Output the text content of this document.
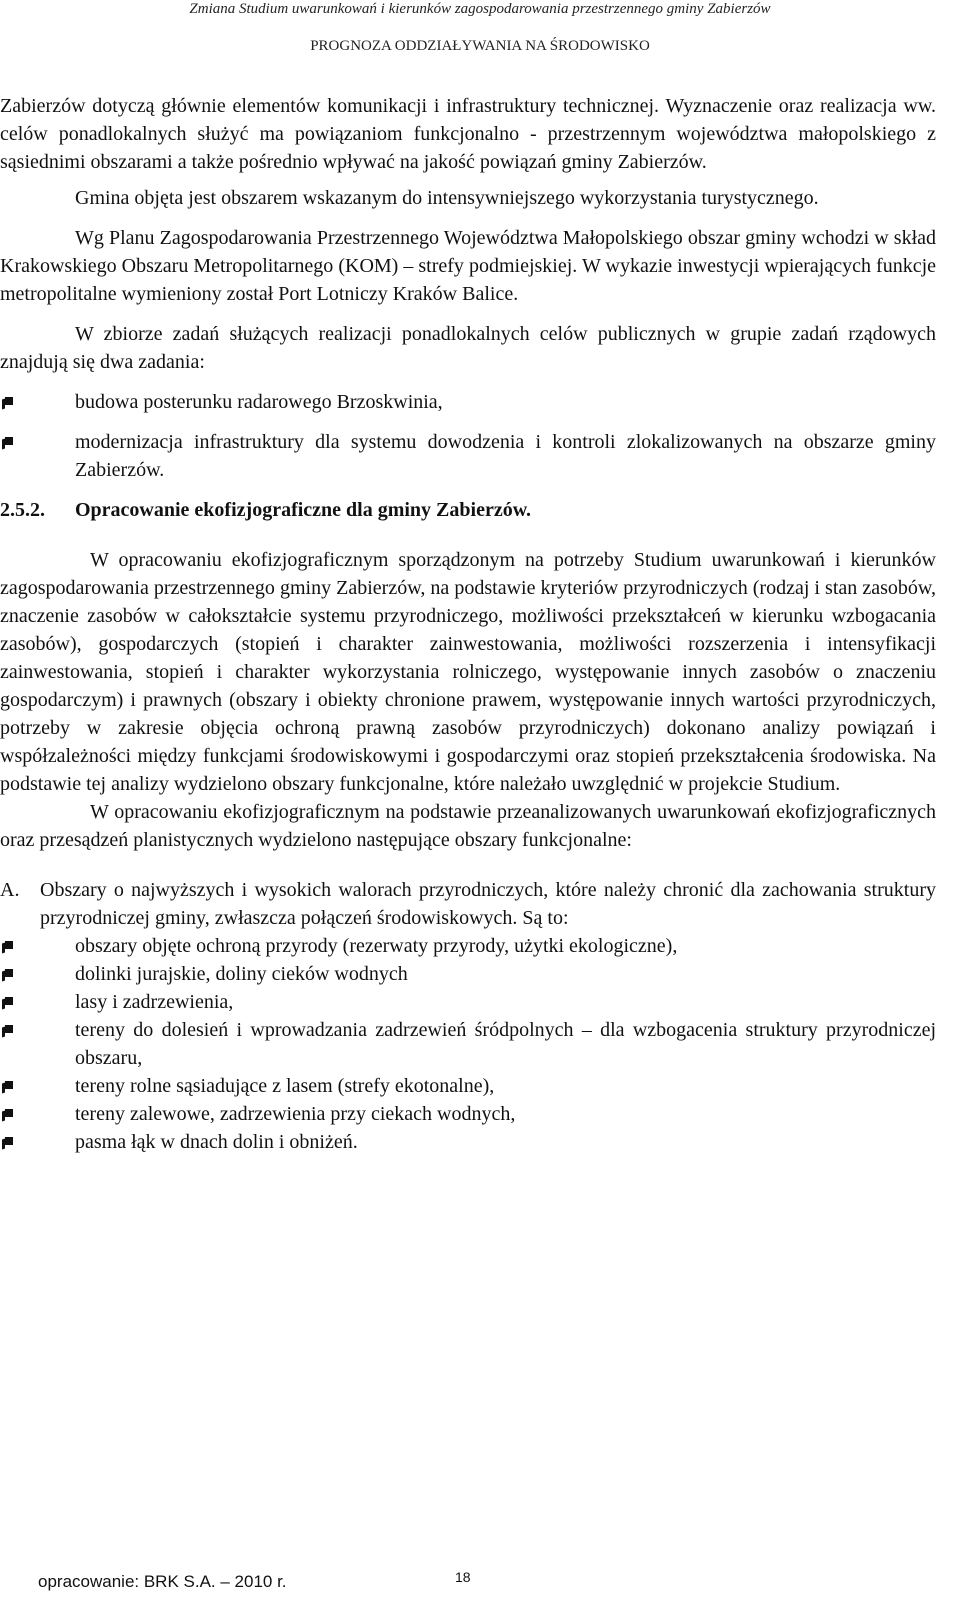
Zmiana Studium uwarunkowań i kierunków zagospodarowania przestrzennego gminy Zabierzów
PROGNOZA ODDZIAŁYWANIA NA ŚRODOWISKO

Zabierzów dotyczą głównie elementów komunikacji i infrastruktury technicznej. Wyznaczenie oraz realizacja ww. celów ponadlokalnych służyć ma powiązaniom funkcjonalno - przestrzennym województwa małopolskiego z sąsiednimi obszarami a także pośrednio wpływać na jakość powiązań gminy Zabierzów.

Gmina objęta jest obszarem wskazanym do intensywniejszego wykorzystania turystycznego.

Wg Planu Zagospodarowania Przestrzennego Województwa Małopolskiego obszar gminy wchodzi w skład Krakowskiego Obszaru Metropolitarnego (KOM) – strefy podmiejskiej. W wykazie inwestycji wpierających funkcje metropolitalne wymieniony został Port Lotniczy Kraków Balice.

W zbiorze zadań służących realizacji ponadlokalnych celów publicznych w grupie zadań rządowych znajdują się dwa zadania:

budowa posterunku radarowego Brzoskwinia,
modernizacja infrastruktury dla systemu dowodzenia i kontroli zlokalizowanych na obszarze gminy Zabierzów.

2.5.2. Opracowanie ekofizjograficzne dla gminy Zabierzów.

W opracowaniu ekofizjograficznym sporządzonym na potrzeby Studium uwarunkowań i kierunków zagospodarowania przestrzennego gminy Zabierzów, na podstawie kryteriów przyrodniczych (rodzaj i stan zasobów, znaczenie zasobów w całokształcie systemu przyrodniczego, możliwości przekształceń w kierunku wzbogacania zasobów), gospodarczych (stopień i charakter zainwestowania, możliwości rozszerzenia i intensyfikacji zainwestowania, stopień i charakter wykorzystania rolniczego, występowanie innych zasobów o znaczeniu gospodarczym) i prawnych (obszary i obiekty chronione prawem, występowanie innych wartości przyrodniczych, potrzeby w zakresie objęcia ochroną prawną zasobów przyrodniczych) dokonano analizy powiązań i współzależności między funkcjami środowiskowymi i gospodarczymi oraz stopień przekształcenia środowiska. Na podstawie tej analizy wydzielono obszary funkcjonalne, które należało uwzględnić w projekcie Studium.

W opracowaniu ekofizjograficznym na podstawie przeanalizowanych uwarunkowań ekofizjograficznych oraz przesądzeń planistycznych wydzielono następujące obszary funkcjonalne:

A. Obszary o najwyższych i wysokich walorach przyrodniczych, które należy chronić dla zachowania struktury przyrodniczej gminy, zwłaszcza połączeń środowiskowych. Są to:
obszary objęte ochroną przyrody (rezerwaty przyrody, użytki ekologiczne),
dolinki jurajskie, doliny cieków wodnych
lasy i zadrzewienia,
tereny do dolesień i wprowadzania zadrzewień śródpolnych – dla wzbogacenia struktury przyrodniczej obszaru,
tereny rolne sąsiadujące z lasem (strefy ekotonalne),
tereny zalewowe, zadrzewienia przy ciekach wodnych,
pasma łąk w dnach dolin i obniżeń.
opracowanie: BRK S.A. – 2010 r.	18
